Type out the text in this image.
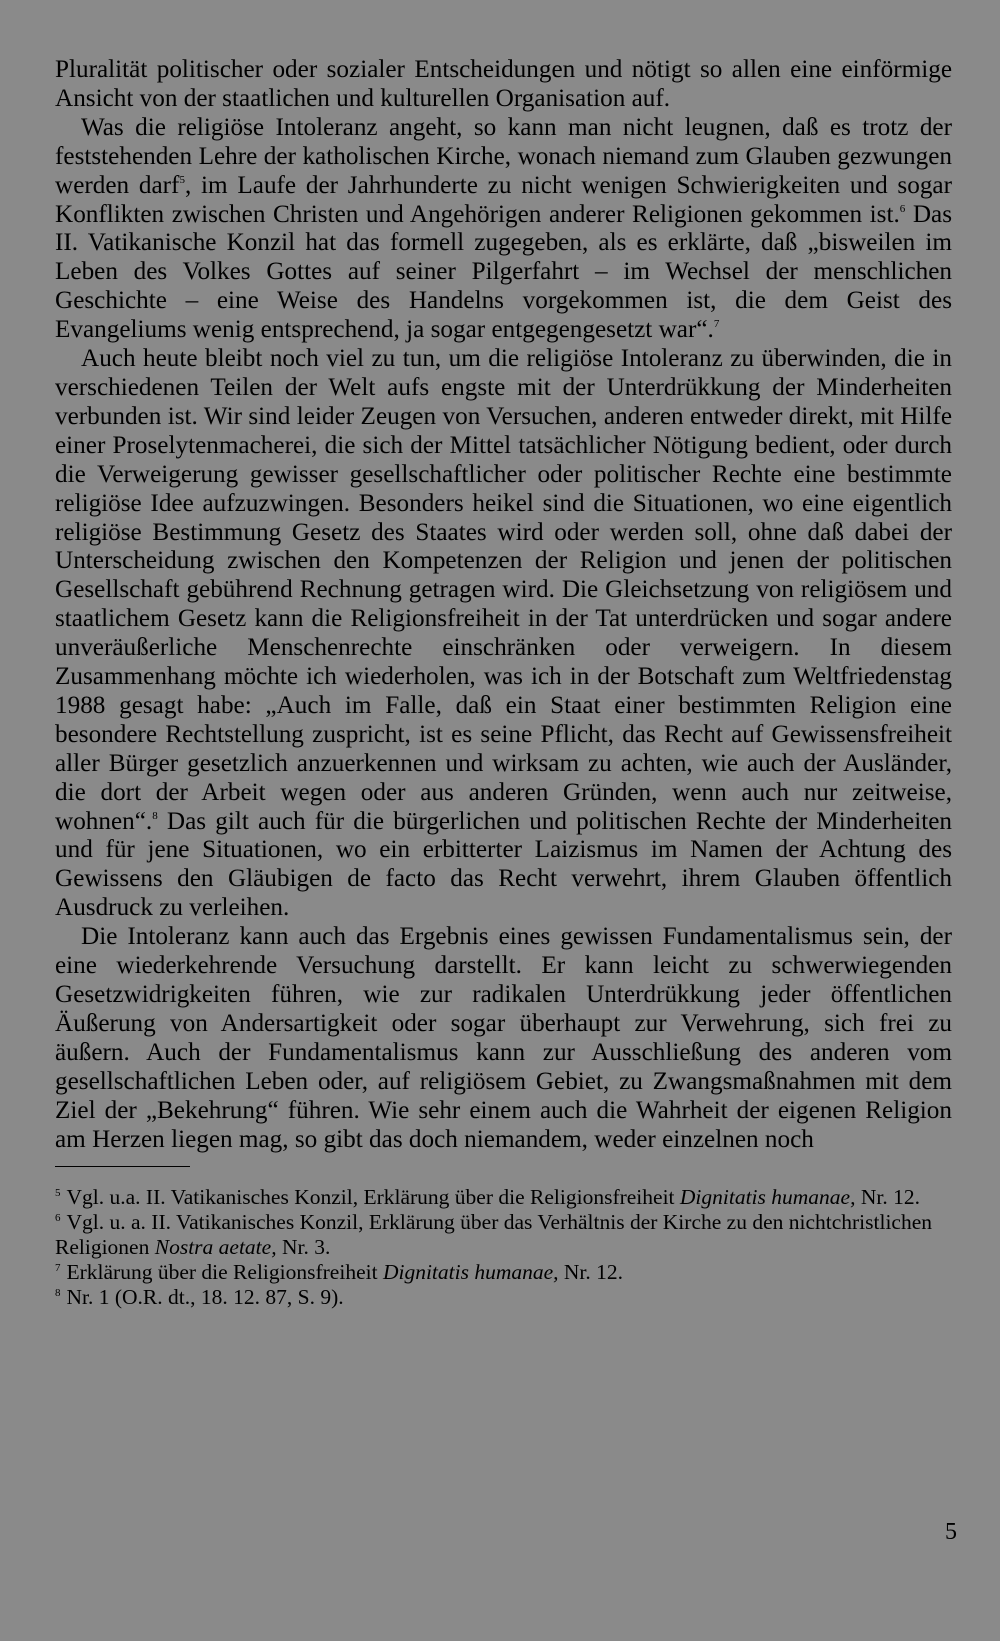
Pluralität politischer oder sozialer Entscheidungen und nötigt so allen eine einförmige Ansicht von der staatlichen und kulturellen Organisation auf.

Was die religiöse Intoleranz angeht, so kann man nicht leugnen, daß es trotz der feststehenden Lehre der katholischen Kirche, wonach niemand zum Glauben gezwungen werden darf$^5$, im Laufe der Jahrhunderte zu nicht wenigen Schwierigkeiten und sogar Konflikten zwischen Christen und Angehörigen anderer Religionen gekommen ist.$^6$ Das II. Vatikanische Konzil hat das formell zugegeben, als es erklärte, daß „bisweilen im Leben des Volkes Gottes auf seiner Pilgerfahrt – im Wechsel der menschlichen Geschichte – eine Weise des Handelns vorgekommen ist, die dem Geist des Evangeliums wenig entsprechend, ja sogar entgegengesetzt war“.$^7$

Auch heute bleibt noch viel zu tun, um die religiöse Intoleranz zu überwinden, die in verschiedenen Teilen der Welt aufs engste mit der Unterdrükkung der Minderheiten verbunden ist. Wir sind leider Zeugen von Versuchen, anderen entweder direkt, mit Hilfe einer Proselytenmacherei, die sich der Mittel tatsächlicher Nötigung bedient, oder durch die Verweigerung gewisser gesellschaftlicher oder politischer Rechte eine bestimmte religiöse Idee aufzuzwingen. Besonders heikel sind die Situationen, wo eine eigentlich religiöse Bestimmung Gesetz des Staates wird oder werden soll, ohne daß dabei der Unterscheidung zwischen den Kompetenzen der Religion und jenen der politischen Gesellschaft gebührend Rechnung getragen wird. Die Gleichsetzung von religiösem und staatlichem Gesetz kann die Religionsfreiheit in der Tat unterdrücken und sogar andere unveräußerliche Menschenrechte einschränken oder verweigern. In diesem Zusammenhang möchte ich wiederholen, was ich in der Botschaft zum Weltfriedenstag 1988 gesagt habe: „Auch im Falle, daß ein Staat einer bestimmten Religion eine besondere Rechtstellung zuspricht, ist es seine Pflicht, das Recht auf Gewissensfreiheit aller Bürger gesetzlich anzuerkennen und wirksam zu achten, wie auch der Ausländer, die dort der Arbeit wegen oder aus anderen Gründen, wenn auch nur zeitweise, wohnen“.$^8$ Das gilt auch für die bürgerlichen und politischen Rechte der Minderheiten und für jene Situationen, wo ein erbitterter Laizismus im Namen der Achtung des Gewissens den Gläubigen de facto das Recht verwehrt, ihrem Glauben öffentlich Ausdruck zu verleihen.

Die Intoleranz kann auch das Ergebnis eines gewissen Fundamentalismus sein, der eine wiederkehrende Versuchung darstellt. Er kann leicht zu schwerwiegenden Gesetzwidrigkeiten führen, wie zur radikalen Unterdrükkung jeder öffentlichen Äußerung von Andersartigkeit oder sogar überhaupt zur Verwehrung, sich frei zu äußern. Auch der Fundamentalismus kann zur Ausschließung des anderen vom gesellschaftlichen Leben oder, auf religiösem Gebiet, zu Zwangsmaßnahmen mit dem Ziel der „Bekehrung“ führen. Wie sehr einem auch die Wahrheit der eigenen Religion am Herzen liegen mag, so gibt das doch niemandem, weder einzelnen noch

$^5$ Vgl. u.a. II. Vatikanisches Konzil, Erklärung über die Religionsfreiheit Dignitatis humanae, Nr. 12.

$^6$ Vgl. u. a. II. Vatikanisches Konzil, Erklärung über das Verhältnis der Kirche zu den nichtchristlichen Religionen Nostra aetate, Nr. 3.

$^7$ Erklärung über die Religionsfreiheit Dignitatis humanae, Nr. 12.

$^8$ Nr. 1 (O.R. dt., 18. 12. 87, S. 9).

5
